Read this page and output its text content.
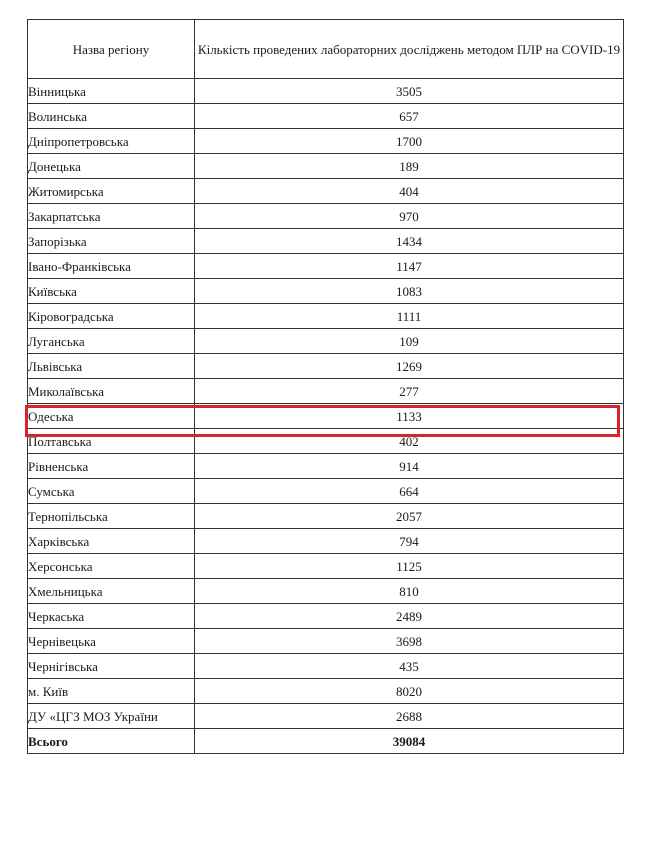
Назва регіону	Кількість проведених лабораторних досліджень методом ПЛР на COVID-19
Вінницька	3505
Волинська	657
Дніпропетровська	1700
Донецька	189
Житомирська	404
Закарпатська	970
Запорізька	1434
Івано-Франківська	1147
Київська	1083
Кіровоградська	1111
Луганська	109
Львівська	1269
Миколаївська	277
Одеська	1133
Полтавська	402
Рівненська	914
Сумська	664
Тернопільська	2057
Харківська	794
Херсонська	1125
Хмельницька	810
Черкаська	2489
Чернівецька	3698
Чернігівська	435
м. Київ	8020
ДУ «ЦГЗ МОЗ України	2688
Всього	39084
